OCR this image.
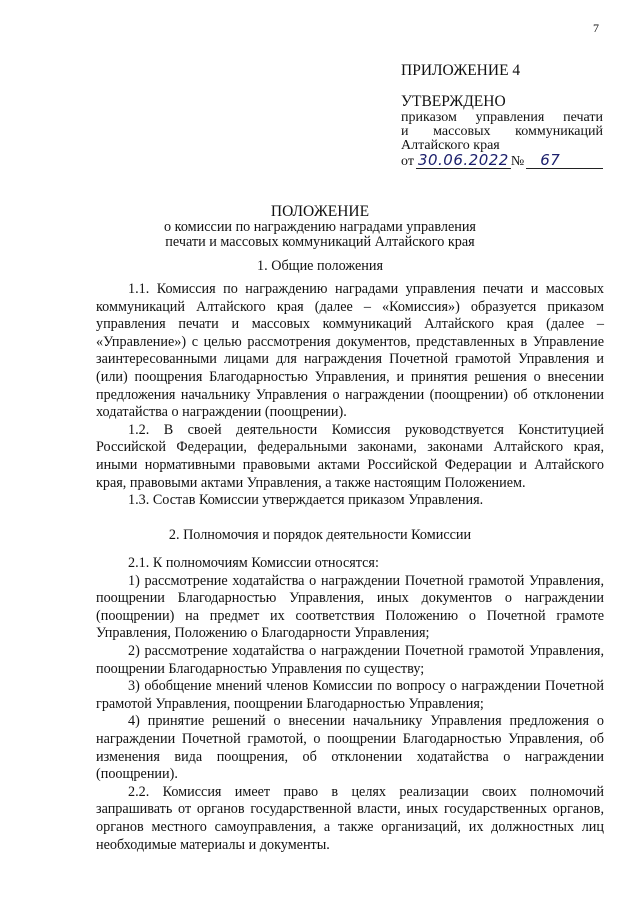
7
ПРИЛОЖЕНИЕ 4
УТВЕРЖДЕНО
приказом управления печати
и массовых коммуникаций
Алтайского края
от 30.06.2022 №	67
ПОЛОЖЕНИЕ
о комиссии по награждению наградами управления
печати и массовых коммуникаций Алтайского края
1. Общие положения

1.1. Комиссия по награждению наградами управления печати и массовых коммуникаций Алтайского края (далее – «Комиссия») образуется приказом управления печати и массовых коммуникаций Алтайского края (далее – «Управление») с целью рассмотрения документов, представленных в Управление заинтересованными лицами для награждения Почетной грамотой Управления и (или) поощрения Благодарностью Управления, и принятия решения о внесении предложения начальнику Управления о награждении (поощрении) об отклонении ходатайства о награждении (поощрении).

1.2. В своей деятельности Комиссия руководствуется Конституцией Российской Федерации, федеральными законами, законами Алтайского края, иными нормативными правовыми актами Российской Федерации и Алтайского края, правовыми актами Управления, а также настоящим Положением.

1.3. Состав Комиссии утверждается приказом Управления.

2. Полномочия и порядок деятельности Комиссии

2.1. К полномочиям Комиссии относятся:

1) рассмотрение ходатайства о награждении Почетной грамотой Управления, поощрении Благодарностью Управления, иных документов о награждении (поощрении) на предмет их соответствия Положению о Почетной грамоте Управления, Положению о Благодарности Управления;

2) рассмотрение ходатайства о награждении Почетной грамотой Управления, поощрении Благодарностью Управления по существу;

3) обобщение мнений членов Комиссии по вопросу о награждении Почетной грамотой Управления, поощрении Благодарностью Управления;

4) принятие решений о внесении начальнику Управления предложения о награждении Почетной грамотой, о поощрении Благодарностью Управления, об изменения вида поощрения, об отклонении ходатайства о награждении (поощрении).

2.2. Комиссия имеет право в целях реализации своих полномочий запрашивать от органов государственной власти, иных государственных органов, органов местного самоуправления, а также организаций, их должностных лиц необходимые материалы и документы.
